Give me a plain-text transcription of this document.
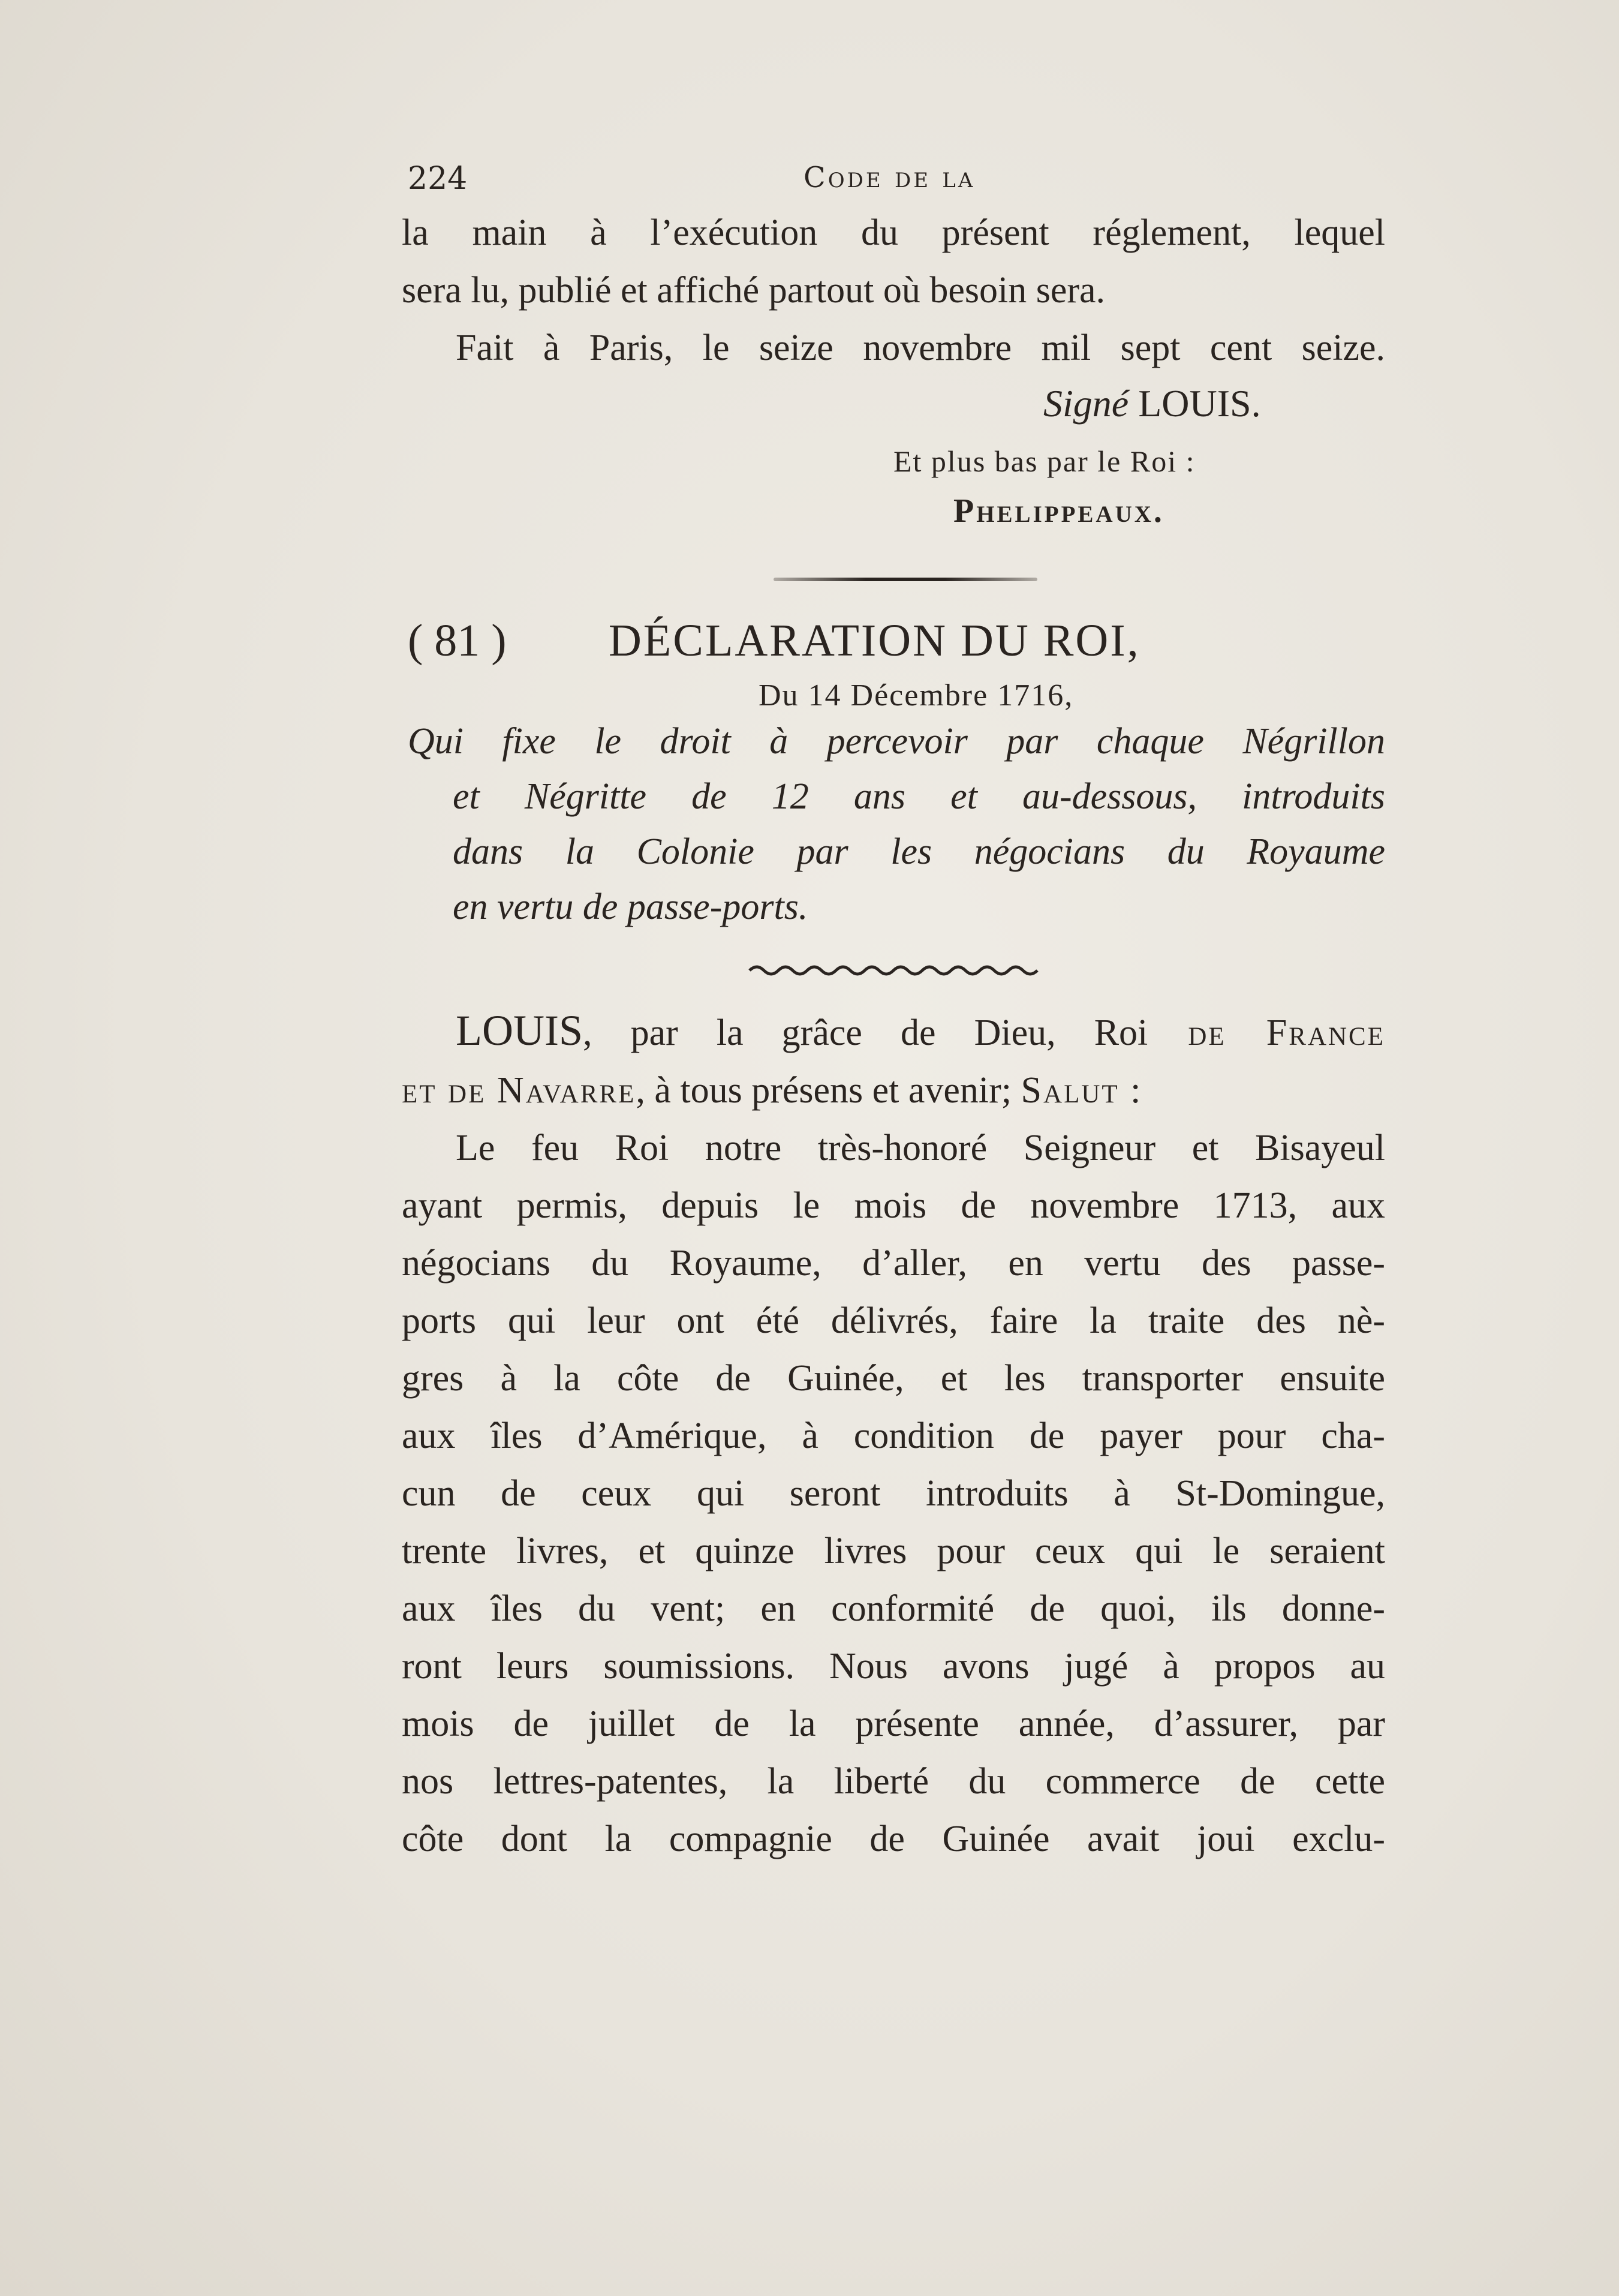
224	Code de la
la main à l’exécution du présent réglement, lequel
sera lu, publié et affiché partout où besoin sera.
Fait à Paris, le seize novembre mil sept cent seize.
Signé LOUIS.
Et plus bas par le Roi :
Phelippeaux.
( 81 ) DÉCLARATION DU ROI,
Du 14 Décembre 1716,
Qui fixe le droit à percevoir par chaque Négrillon
et Négritte de 12 ans et au-dessous, introduits
dans la Colonie par les négocians du Royaume
en vertu de passe-ports.
LOUIS, par la grâce de Dieu, Roi de France
et de Navarre, à tous présens et avenir; Salut :
Le feu Roi notre très-honoré Seigneur et Bisayeul
ayant permis, depuis le mois de novembre 1713, aux
négocians du Royaume, d’aller, en vertu des passe-
ports qui leur ont été délivrés, faire la traite des nè-
gres à la côte de Guinée, et les transporter ensuite
aux îles d’Amérique, à condition de payer pour cha-
cun de ceux qui seront introduits à St-Domingue,
trente livres, et quinze livres pour ceux qui le seraient
aux îles du vent; en conformité de quoi, ils donne-
ront leurs soumissions. Nous avons jugé à propos au
mois de juillet de la présente année, d’assurer, par
nos lettres-patentes, la liberté du commerce de cette
côte dont la compagnie de Guinée avait joui exclu-
